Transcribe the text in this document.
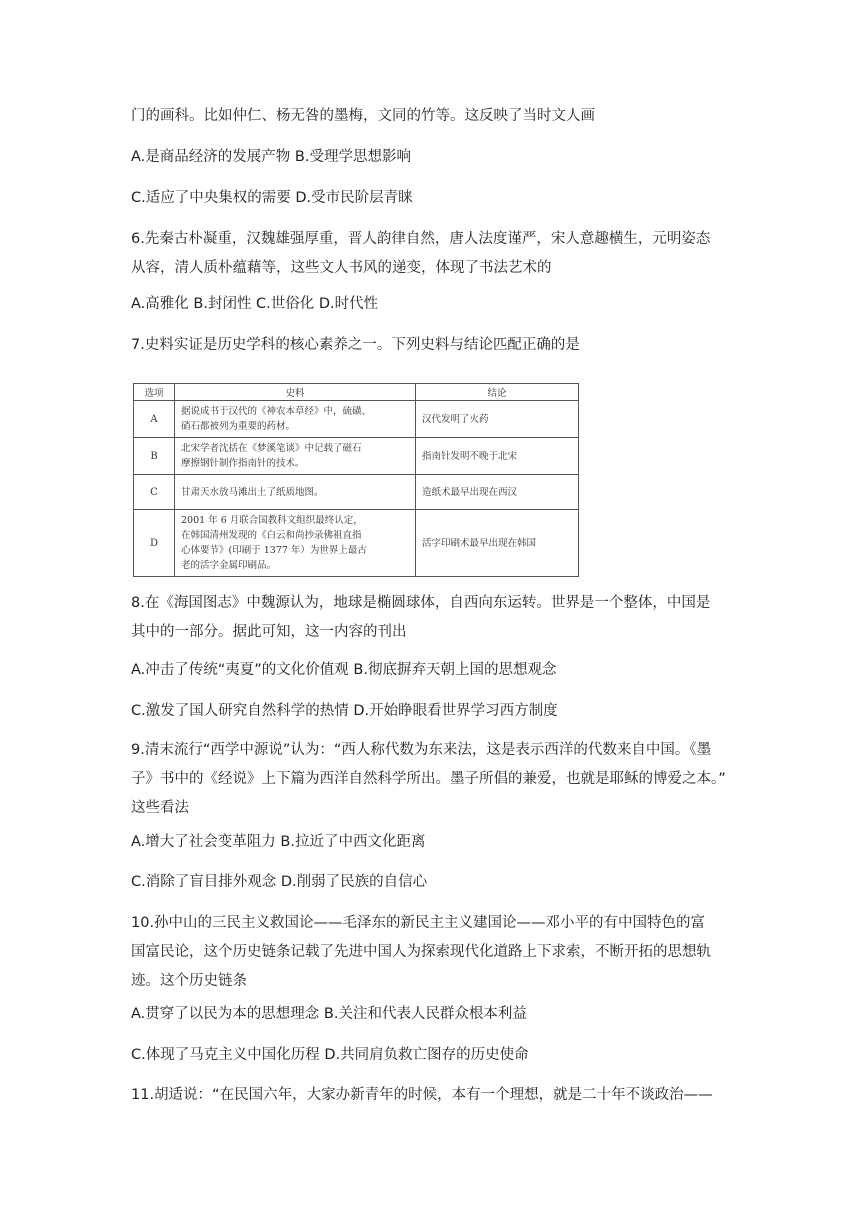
门的画科。比如仲仁、杨无咎的墨梅，文同的竹等。这反映了当时文人画

A.是商品经济的发展产物 B.受理学思想影响

C.适应了中央集权的需要 D.受市民阶层青睐

6.先秦古朴凝重，汉魏雄强厚重，晋人韵律自然，唐人法度谨严，宋人意趣横生，元明姿态
从容，清人质朴蕴藉等，这些文人书风的递变，体现了书法艺术的

A.高雅化 B.封闭性 C.世俗化 D.时代性

7.史料实证是历史学科的核心素养之一。下列史料与结论匹配正确的是

选项	史料	结论
A	据说成书于汉代的《神农本草经》中，硫磺、
硝石都被列为重要的药材。	汉代发明了火药
B	北宋学者沈括在《梦溪笔谈》中记载了磁石
摩擦钢针制作指南针的技术。	指南针发明不晚于北宋
C	甘肃天水放马滩出土了纸质地图。	造纸术最早出现在西汉
D	2001 年 6 月联合国教科文组织最终认定，
在韩国清州发现的《白云和尚抄录佛祖直指
心体要节》(印刷于 1377 年）为世界上最古
老的活字金属印刷品。	活字印刷术最早出现在韩国
8.在《海国图志》中魏源认为，地球是椭圆球体，自西向东运转。世界是一个整体，中国是
其中的一部分。据此可知，这一内容的刊出

A.冲击了传统“夷夏”的文化价值观 B.彻底摒弃天朝上国的思想观念

C.激发了国人研究自然科学的热情 D.开始睁眼看世界学习西方制度

9.清末流行“西学中源说”认为：“西人称代数为东来法，这是表示西洋的代数来自中国。《墨
子》书中的《经说》上下篇为西洋自然科学所出。墨子所倡的兼爱，也就是耶稣的博爱之本。”
这些看法

A.增大了社会变革阻力 B.拉近了中西文化距离

C.消除了盲目排外观念 D.削弱了民族的自信心

10.孙中山的三民主义救国论——毛泽东的新民主主义建国论——邓小平的有中国特色的富
国富民论，这个历史链条记载了先进中国人为探索现代化道路上下求索，不断开拓的思想轨
迹。这个历史链条

A.贯穿了以民为本的思想理念 B.关注和代表人民群众根本利益

C.体现了马克主义中国化历程 D.共同肩负救亡图存的历史使命

11.胡适说：“在民国六年，大家办新青年的时候，本有一个理想，就是二十年不谈政治——
